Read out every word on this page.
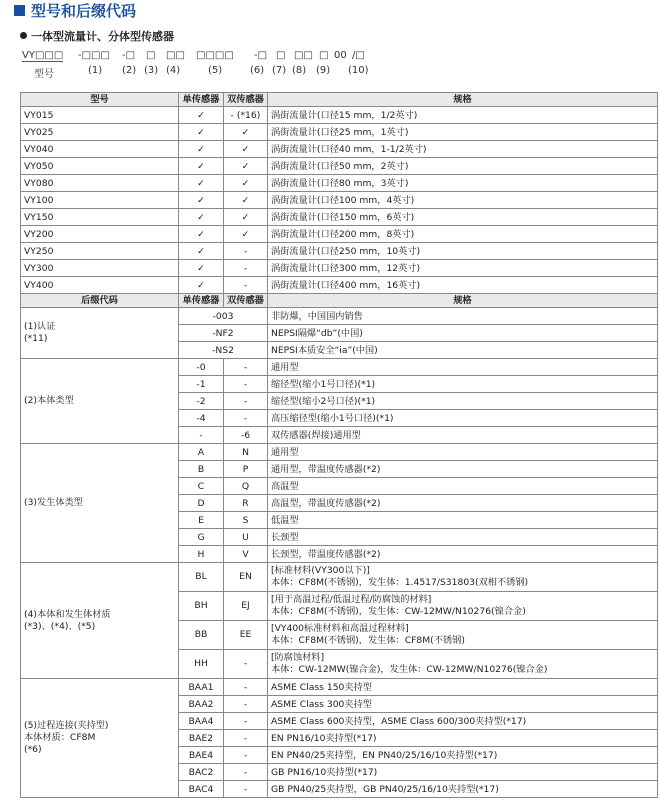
型号和后缀代码
一体型流量计、分体型传感器
VY□□□ -□□□ -□ □ □□ □□□□ -□ □ □□ □ 00 /□
型号	(1) (2) (3) (4)	(5)	(6) (7) (8) (9) (10)
型号	单传感器	双传感器	规格
VY015	✓	- (*16)	涡街流量计(口径15 mm，1/2英寸)
VY025	✓	✓	涡街流量计(口径25 mm，1英寸)
VY040	✓	✓	涡街流量计(口径40 mm，1-1/2英寸)
VY050	✓	✓	涡街流量计(口径50 mm，2英寸)
VY080	✓	✓	涡街流量计(口径80 mm，3英寸)
VY100	✓	✓	涡街流量计(口径100 mm，4英寸)
VY150	✓	✓	涡街流量计(口径150 mm，6英寸)
VY200	✓	✓	涡街流量计(口径200 mm，8英寸)
VY250	✓	-	涡街流量计(口径250 mm，10英寸)
VY300	✓	-	涡街流量计(口径300 mm，12英寸)
VY400	✓	-	涡街流量计(口径400 mm，16英寸)
后缀代码	单传感器	双传感器	规格
(1)认证
(*11)	-003		非防爆，中国国内销售
	-NF2		NEPSI隔爆“db”(中国)
	-NS2		NEPSI本质安全“ia”(中国)
(2)本体类型	-0	-	通用型
	-1	-	缩径型(缩小1号口径)(*1)
	-2	-	缩径型(缩小2号口径)(*1)
	-4	-	高压缩径型(缩小1号口径)(*1)
	-	-6	双传感器(焊接)通用型
(3)发生体类型	A	N	通用型
	B	P	通用型，带温度传感器(*2)
	C	Q	高温型
	D	R	高温型，带温度传感器(*2)
	E	S	低温型
	G	U	长颈型
	H	V	长颈型，带温度传感器(*2)
(4)本体和发生体材质
(*3)、(*4)、(*5)	BL	EN	[标准材料(VY300以下)]
本体：CF8M(不锈钢)，发生体：1.4517/S31803(双相不锈钢)
	BH	EJ	[用于高温过程/低温过程/防腐蚀的材料]
本体：CF8M(不锈钢)，发生体：CW-12MW/N10276(镍合金)
	BB	EE	[VY400标准材料和高温过程材料]
本体：CF8M(不锈钢)，发生体：CF8M(不锈钢)
	HH	-	[防腐蚀材料]
本体：CW-12MW(镍合金)，发生体：CW-12MW/N10276(镍合金)
(5)过程连接(夹持型)
本体材质：CF8M
(*6)	BAA1	-	ASME Class 150夹持型
	BAA2	-	ASME Class 300夹持型
	BAA4	-	ASME Class 600夹持型，ASME Class 600/300夹持型(*17)
	BAE2	-	EN PN16/10夹持型(*17)
	BAE4	-	EN PN40/25夹持型，EN PN40/25/16/10夹持型(*17)
	BAC2	-	GB PN16/10夹持型(*17)
	BAC4	-	GB PN40/25夹持型，GB PN40/25/16/10夹持型(*17)
